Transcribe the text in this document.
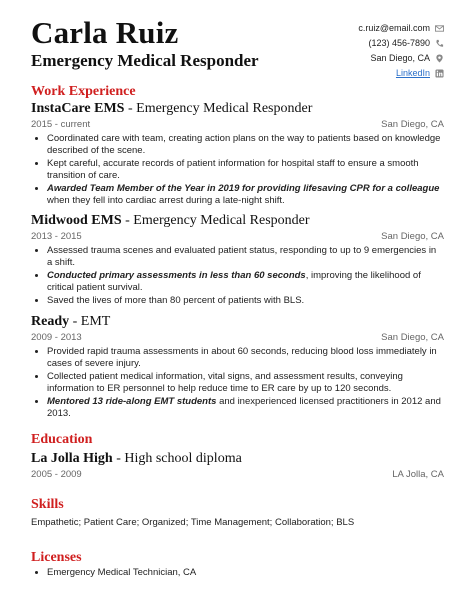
Carla Ruiz
Emergency Medical Responder
c.ruiz@email.com
(123) 456-7890
San Diego, CA
LinkedIn
Work Experience
InstaCare EMS - Emergency Medical Responder
2015 - current	San Diego, CA
• Coordinated care with team, creating action plans on the way to patients based on knowledge described of the scene.
• Kept careful, accurate records of patient information for hospital staff to ensure a smooth transition of care.
• Awarded Team Member of the Year in 2019 for providing lifesaving CPR for a colleague when they fell into cardiac arrest during a late-night shift.
Midwood EMS - Emergency Medical Responder
2013 - 2015	San Diego, CA
• Assessed trauma scenes and evaluated patient status, responding to up to 9 emergencies in a shift.
• Conducted primary assessments in less than 60 seconds, improving the likelihood of critical patient survival.
• Saved the lives of more than 80 percent of patients with BLS.
Ready - EMT
2009 - 2013	San Diego, CA
• Provided rapid trauma assessments in about 60 seconds, reducing blood loss immediately in cases of severe injury.
• Collected patient medical information, vital signs, and assessment results, conveying information to ER personnel to help reduce time to ER care by up to 120 seconds.
• Mentored 13 ride-along EMT students and inexperienced licensed practitioners in 2012 and 2013.
Education
La Jolla High - High school diploma
2005 - 2009	LA Jolla, CA
Skills
Empathetic; Patient Care; Organized; Time Management; Collaboration; BLS
Licenses
• Emergency Medical Technician, CA
